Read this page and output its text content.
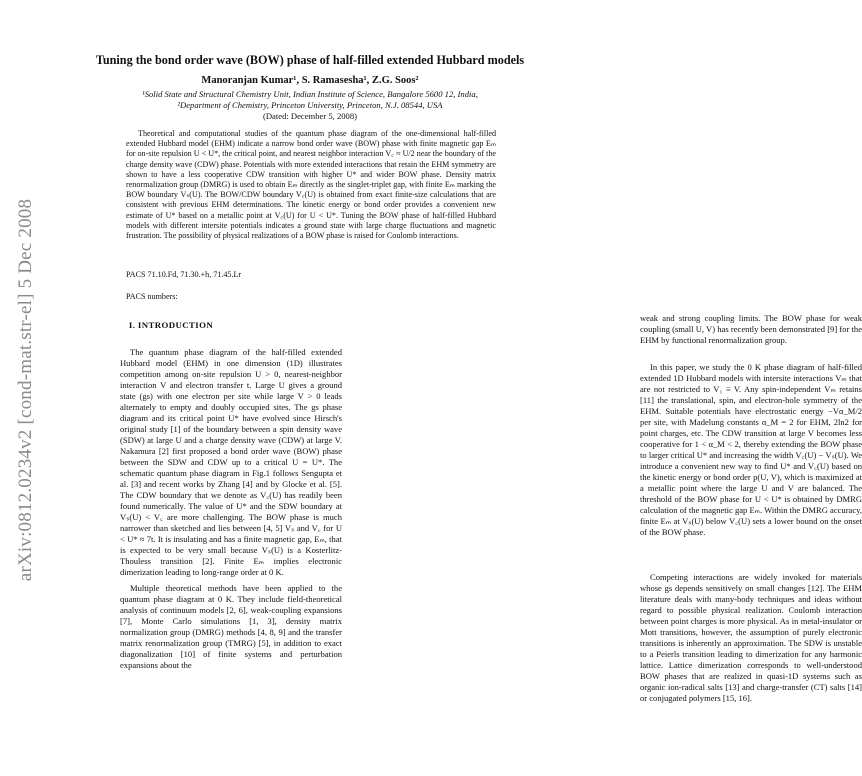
arXiv:0812.0234v2 [cond-mat.str-el] 5 Dec 2008
Tuning the bond order wave (BOW) phase of half-filled extended Hubbard models
Manoranjan Kumar¹, S. Ramasesha¹, Z.G. Soos²
¹Solid State and Structural Chemistry Unit, Indian Institute of Science, Bangalore 5600 12, India,
²Department of Chemistry, Princeton University, Princeton, N.J. 08544, USA
(Dated: December 5, 2008)

Theoretical and computational studies of the quantum phase diagram of the one-dimensional half-filled extended Hubbard model (EHM) indicate a narrow bond order wave (BOW) phase with finite magnetic gap Eₘ for on-site repulsion U < U*, the critical point, and nearest neighbor interaction V꜀ ≈ U/2 near the boundary of the charge density wave (CDW) phase. Potentials with more extended interactions that retain the EHM symmetry are shown to have a less cooperative CDW transition with higher U* and wider BOW phase. Density matrix renormalization group (DMRG) is used to obtain Eₘ directly as the singlet-triplet gap, with finite Eₘ marking the BOW boundary Vₛ(U). The BOW/CDW boundary V꜀(U) is obtained from exact finite-size calculations that are consistent with previous EHM determinations. The kinetic energy or bond order provides a convenient new estimate of U* based on a metallic point at V꜀(U) for U < U*. Tuning the BOW phase of half-filled Hubbard models with different intersite potentials indicates a ground state with large charge fluctuations and magnetic frustration. The possibility of physical realizations of a BOW phase is raised for Coulomb interactions.

PACS 71.10.Fd, 71.30.+h, 71.45.Lr
PACS numbers:
I. INTRODUCTION

The quantum phase diagram of the half-filled extended Hubbard model (EHM) in one dimension (1D) illustrates competition among on-site repulsion U > 0, nearest-neighbor interaction V and electron transfer t. Large U gives a ground state (gs) with one electron per site while large V > 0 leads alternately to empty and doubly occupied sites. The gs phase diagram and its critical point U* have evolved since Hirsch's original study [1] of the boundary between a spin density wave (SDW) at large U and a charge density wave (CDW) at large V. Nakamura [2] first proposed a bond order wave (BOW) phase between the SDW and CDW up to a critical U = U*. The schematic quantum phase diagram in Fig.1 follows Sengupta et al. [3] and recent works by Zhang [4] and by Glocke et al. [5]. The CDW boundary that we denote as V꜀(U) has readily been found numerically. The value of U* and the SDW boundary at Vₛ(U) < V꜀ are more challenging. The BOW phase is much narrower than sketched and lies between [4, 5] Vₛ and V꜀ for U < U* ≈ 7t. It is insulating and has a finite magnetic gap, Eₘ, that is expected to be very small because Vₛ(U) is a Kosterlitz-Thouless transition [2]. Finite Eₘ implies electronic dimerization leading to long-range order at 0 K.

Multiple theoretical methods have been applied to the quantum phase diagram at 0 K. They include field-theoretical analysis of continuum models [2, 6], weak-coupling expansions [7], Monte Carlo simulations [1, 3], density matrix normalization group (DMRG) methods [4, 8, 9] and the transfer matrix renormalization group (TMRG) [5], in addition to exact diagonalization [10] of finite systems and perturbation expansions about the

weak and strong coupling limits. The BOW phase for weak coupling (small U, V) has recently been demonstrated [9] for the EHM by functional renormalization group.

In this paper, we study the 0 K phase diagram of half-filled extended 1D Hubbard models with intersite interactions Vₘ that are not restricted to V₁ ≡ V. Any spin-independent Vₘ retains [11] the translational, spin, and electron-hole symmetry of the EHM. Suitable potentials have electrostatic energy −Vα_M/2 per site, with Madelung constants α_M = 2 for EHM, 2ln2 for point charges, etc. The CDW transition at large V becomes less cooperative for 1 < α_M < 2, thereby extending the BOW phase to larger critical U* and increasing the width V꜀(U) − Vₛ(U). We introduce a convenient new way to find U* and V꜀(U) based on the kinetic energy or bond order p(U, V), which is maximized at a metallic point where the large U and V are balanced. The threshold of the BOW phase for U < U* is obtained by DMRG calculation of the magnetic gap Eₘ. Within the DMRG accuracy, finite Eₘ at Vₛ(U) below V꜀(U) sets a lower bound on the onset of the BOW phase.

Competing interactions are widely invoked for materials whose gs depends sensitively on small changes [12]. The EHM literature deals with many-body techniques and ideas without regard to possible physical realization. Coulomb interaction between point charges is more physical. As in metal-insulator or Mott transitions, however, the assumption of purely electronic transitions is inherently an approximation. The SDW is unstable to a Peierls transition leading to dimerization for any harmonic lattice. Lattice dimerization corresponds to well-understood BOW phases that are realized in quasi-1D systems such as organic ion-radical salts [13] and charge-transfer (CT) salts [14] or conjugated polymers [15, 16].
